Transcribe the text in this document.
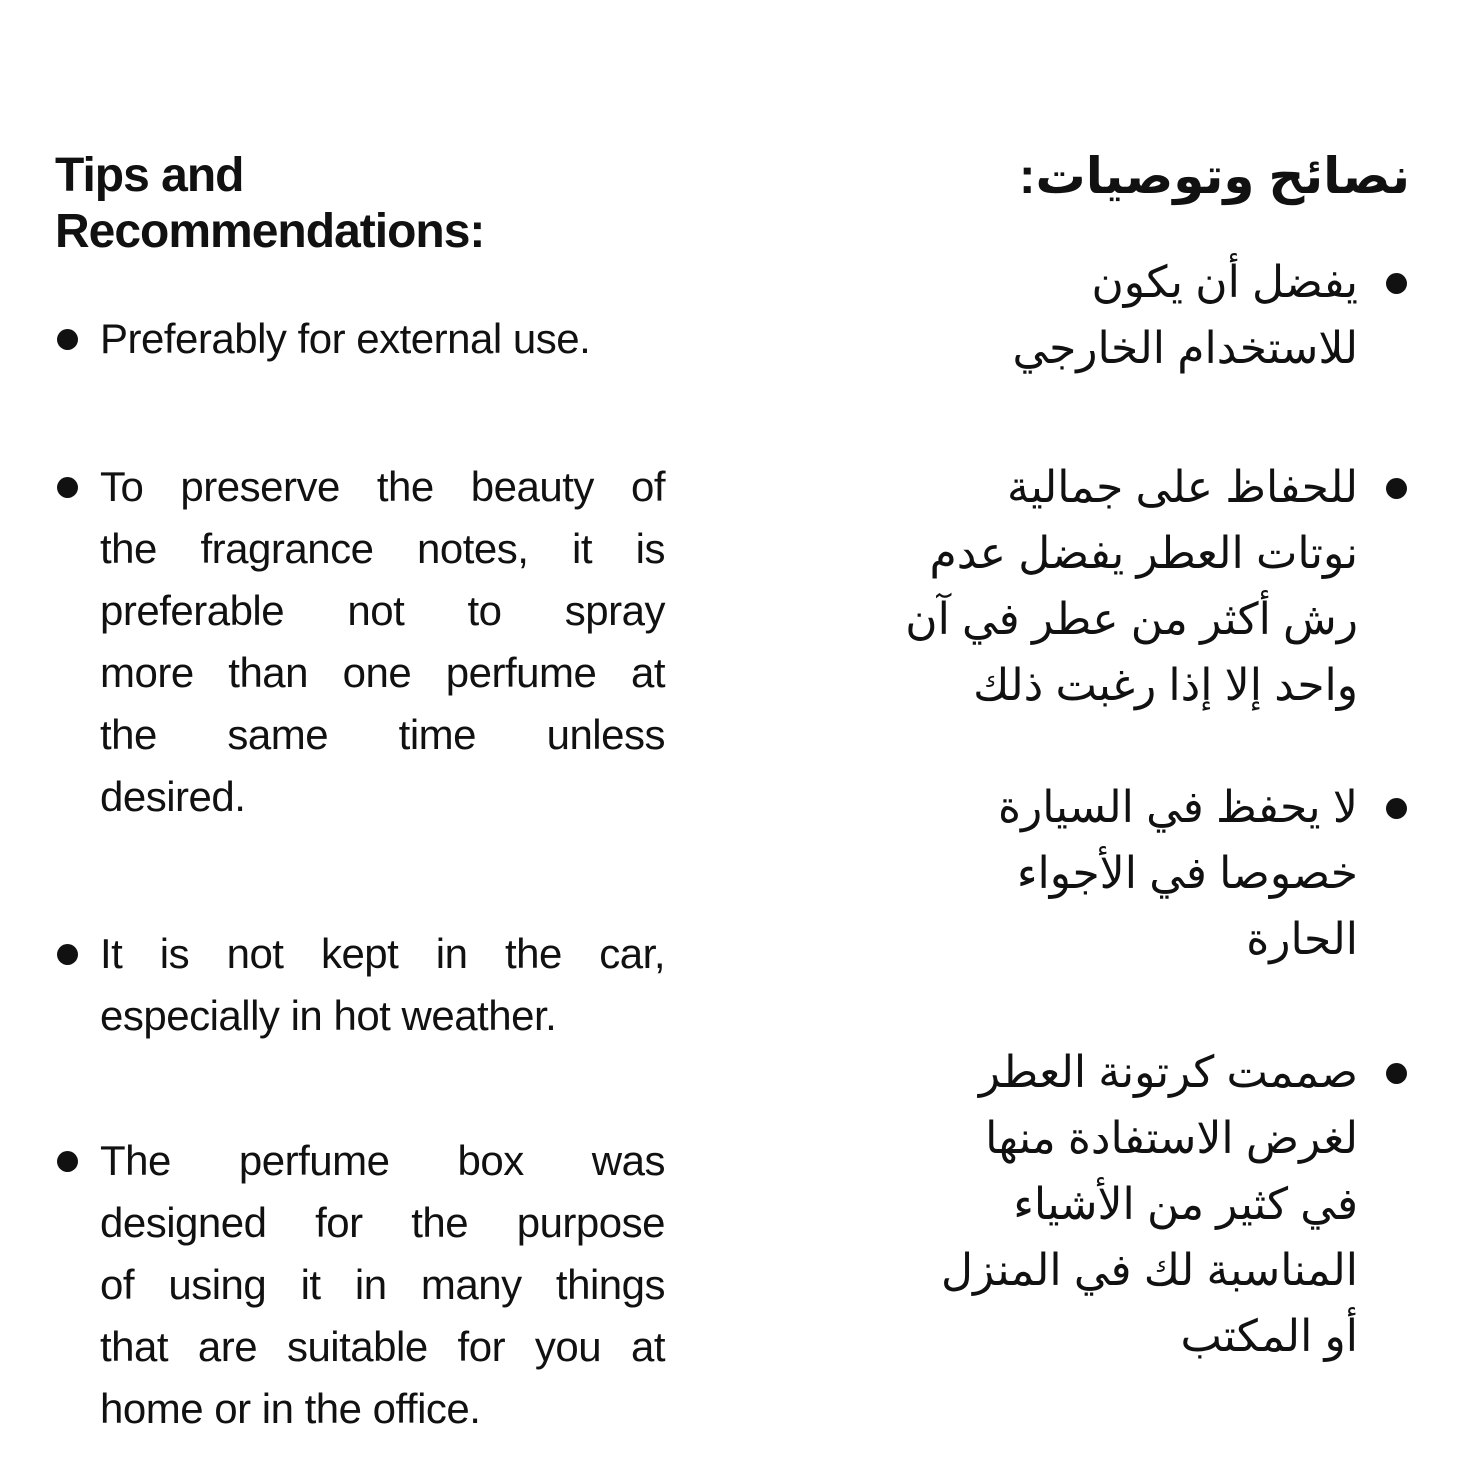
Tips and Recommendations:
Preferably for external use.
To preserve the beauty of
the fragrance notes, it is
preferable not to spray
more than one perfume at
the same time unless
desired.
It is not kept in the car,
especially in hot weather.
The perfume box was
designed for the purpose
of using it in many things
that are suitable for you at
home or in the office.
نصائح وتوصيات:
يفضل أن يكون
للاستخدام الخارجي
للحفاظ على جمالية
نوتات العطر يفضل عدم
رش أكثر من عطر في آن
واحد إلا إذا رغبت ذلك
لا يحفظ في السيارة
خصوصا في الأجواء
الحارة
صممت كرتونة العطر
لغرض الاستفادة منها
في كثير من الأشياء
المناسبة لك في المنزل
أو المكتب
